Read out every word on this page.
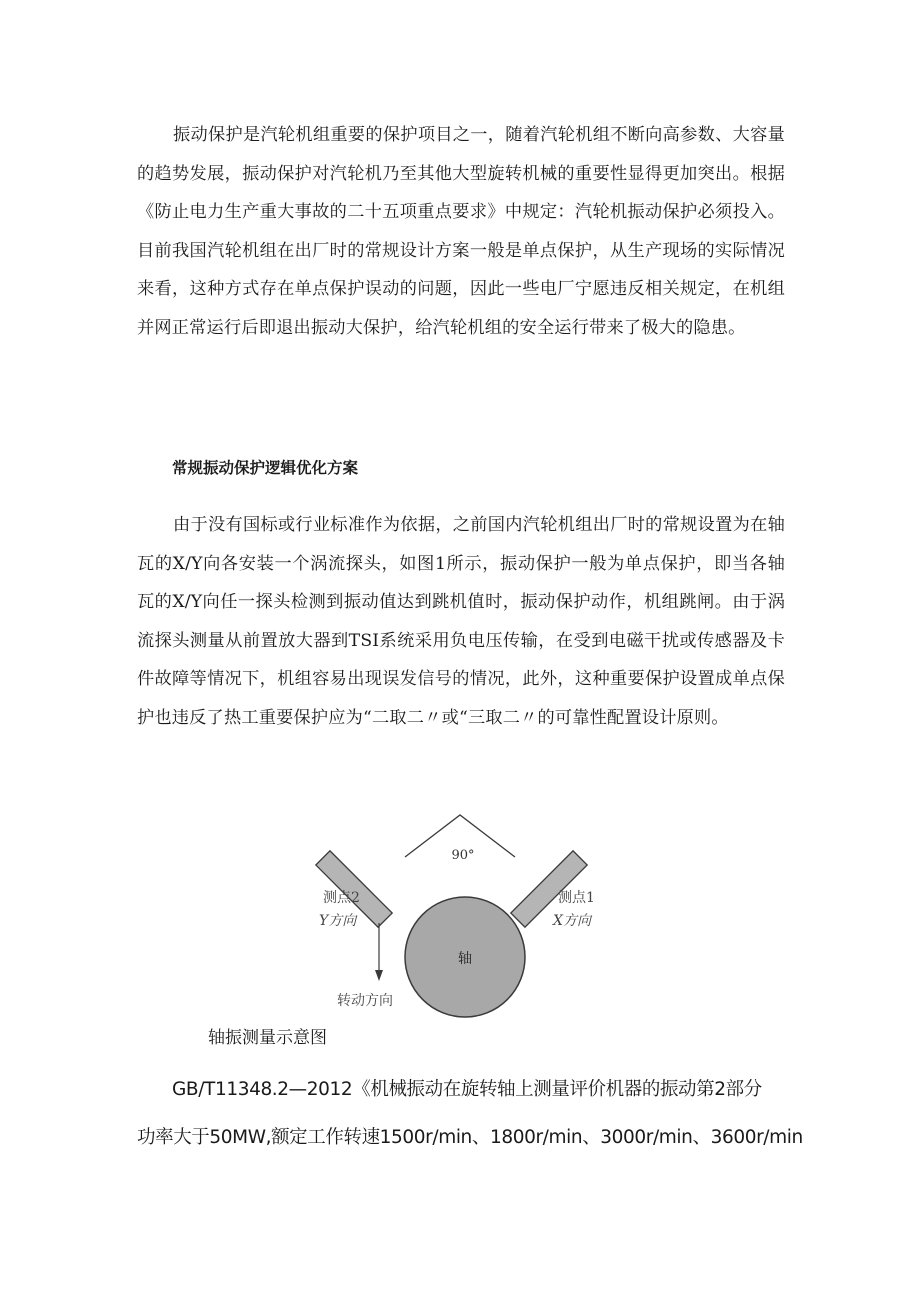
振动保护是汽轮机组重要的保护项目之一，随着汽轮机组不断向高参数、大容量的趋势发展，振动保护对汽轮机乃至其他大型旋转机械的重要性显得更加突出。根据《防止电力生产重大事故的二十五项重点要求》中规定：汽轮机振动保护必须投入。目前我国汽轮机组在出厂时的常规设计方案一般是单点保护，从生产现场的实际情况来看，这种方式存在单点保护误动的问题，因此一些电厂宁愿违反相关规定，在机组并网正常运行后即退出振动大保护，给汽轮机组的安全运行带来了极大的隐患。

常规振动保护逻辑优化方案

由于没有国标或行业标准作为依据，之前国内汽轮机组出厂时的常规设置为在轴瓦的X/Y向各安装一个涡流探头，如图1所示，振动保护一般为单点保护，即当各轴瓦的X/Y向任一探头检测到振动值达到跳机值时，振动保护动作，机组跳闸。由于涡流探头测量从前置放大器到TSI系统采用负电压传输，在受到电磁干扰或传感器及卡件故障等情况下，机组容易出现误发信号的情况，此外，这种重要保护设置成单点保护也违反了热工重要保护应为“二取二〃或“三取二〃的可靠性配置设计原则。

90°
轴
测点2
Y方向
测点1
X方向
转动方向

轴振测量示意图

GB/T11348.2—2012《机械振动在旋转轴上测量评价机器的振动第2部分

功率大于50MW,额定工作转速1500r/min、1800r/min、3000r/min、3600r/min
